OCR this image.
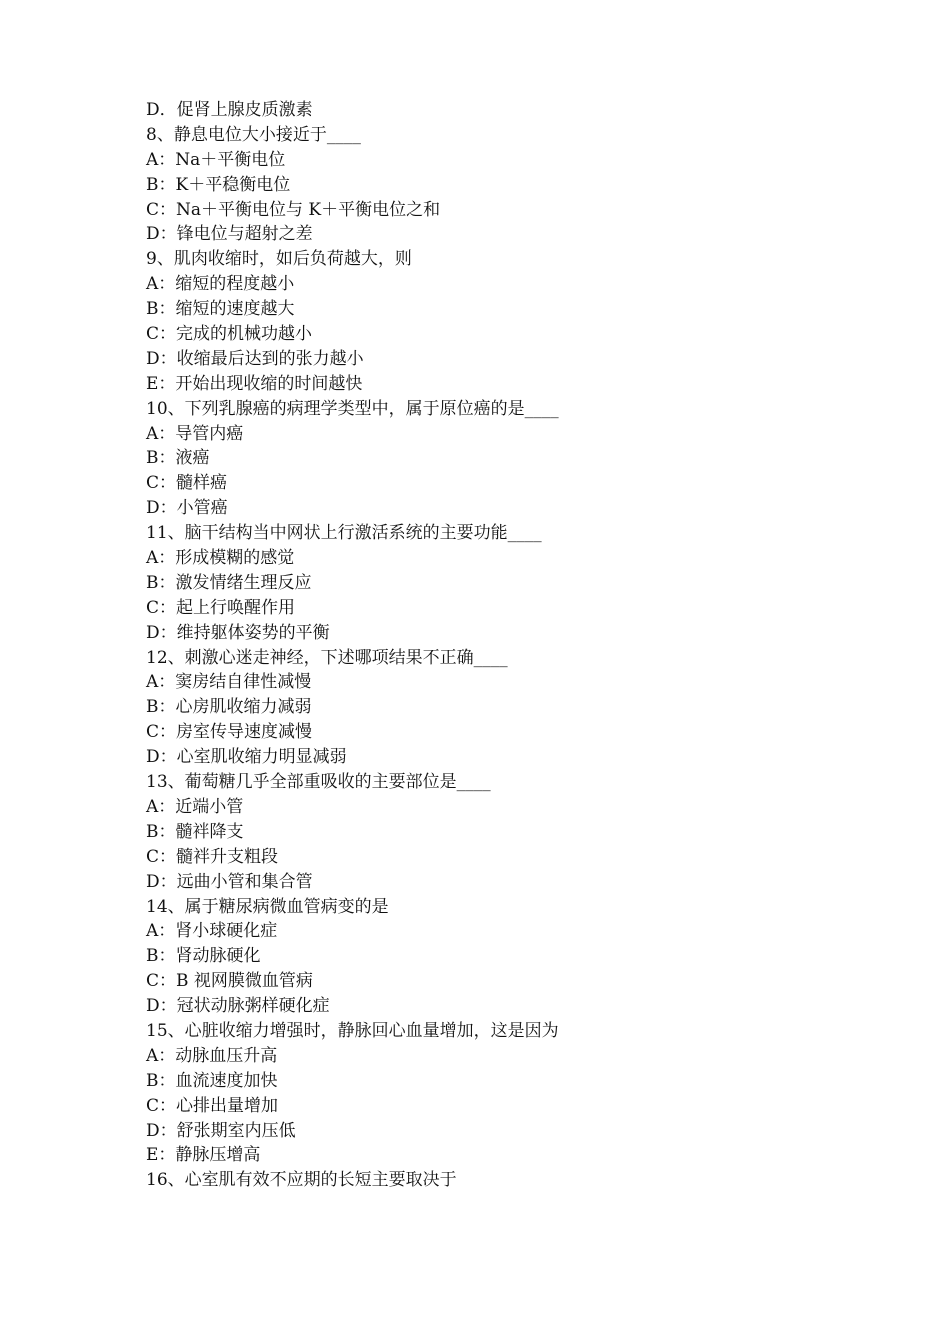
D．促肾上腺皮质激素
8、静息电位大小接近于____
A：Na＋平衡电位
B：K＋平稳衡电位
C：Na＋平衡电位与 K＋平衡电位之和
D：锋电位与超射之差
9、肌肉收缩时，如后负荷越大，则
A：缩短的程度越小
B：缩短的速度越大
C：完成的机械功越小
D：收缩最后达到的张力越小
E：开始出现收缩的时间越快
10、下列乳腺癌的病理学类型中，属于原位癌的是____
A：导管内癌
B：液癌
C：髓样癌
D：小管癌
11、脑干结构当中网状上行激活系统的主要功能____
A：形成模糊的感觉
B：激发情绪生理反应
C：起上行唤醒作用
D：维持躯体姿势的平衡
12、刺激心迷走神经，下述哪项结果不正确____
A：窦房结自律性减慢
B：心房肌收缩力减弱
C：房室传导速度减慢
D：心室肌收缩力明显减弱
13、葡萄糖几乎全部重吸收的主要部位是____
A：近端小管
B：髓袢降支
C：髓袢升支粗段
D：远曲小管和集合管
14、属于糖尿病微血管病变的是
A：肾小球硬化症
B：肾动脉硬化
C：B 视网膜微血管病
D：冠状动脉粥样硬化症
15、心脏收缩力增强时，静脉回心血量增加，这是因为
A：动脉血压升高
B：血流速度加快
C：心排出量增加
D：舒张期室内压低
E：静脉压增高
16、心室肌有效不应期的长短主要取决于
